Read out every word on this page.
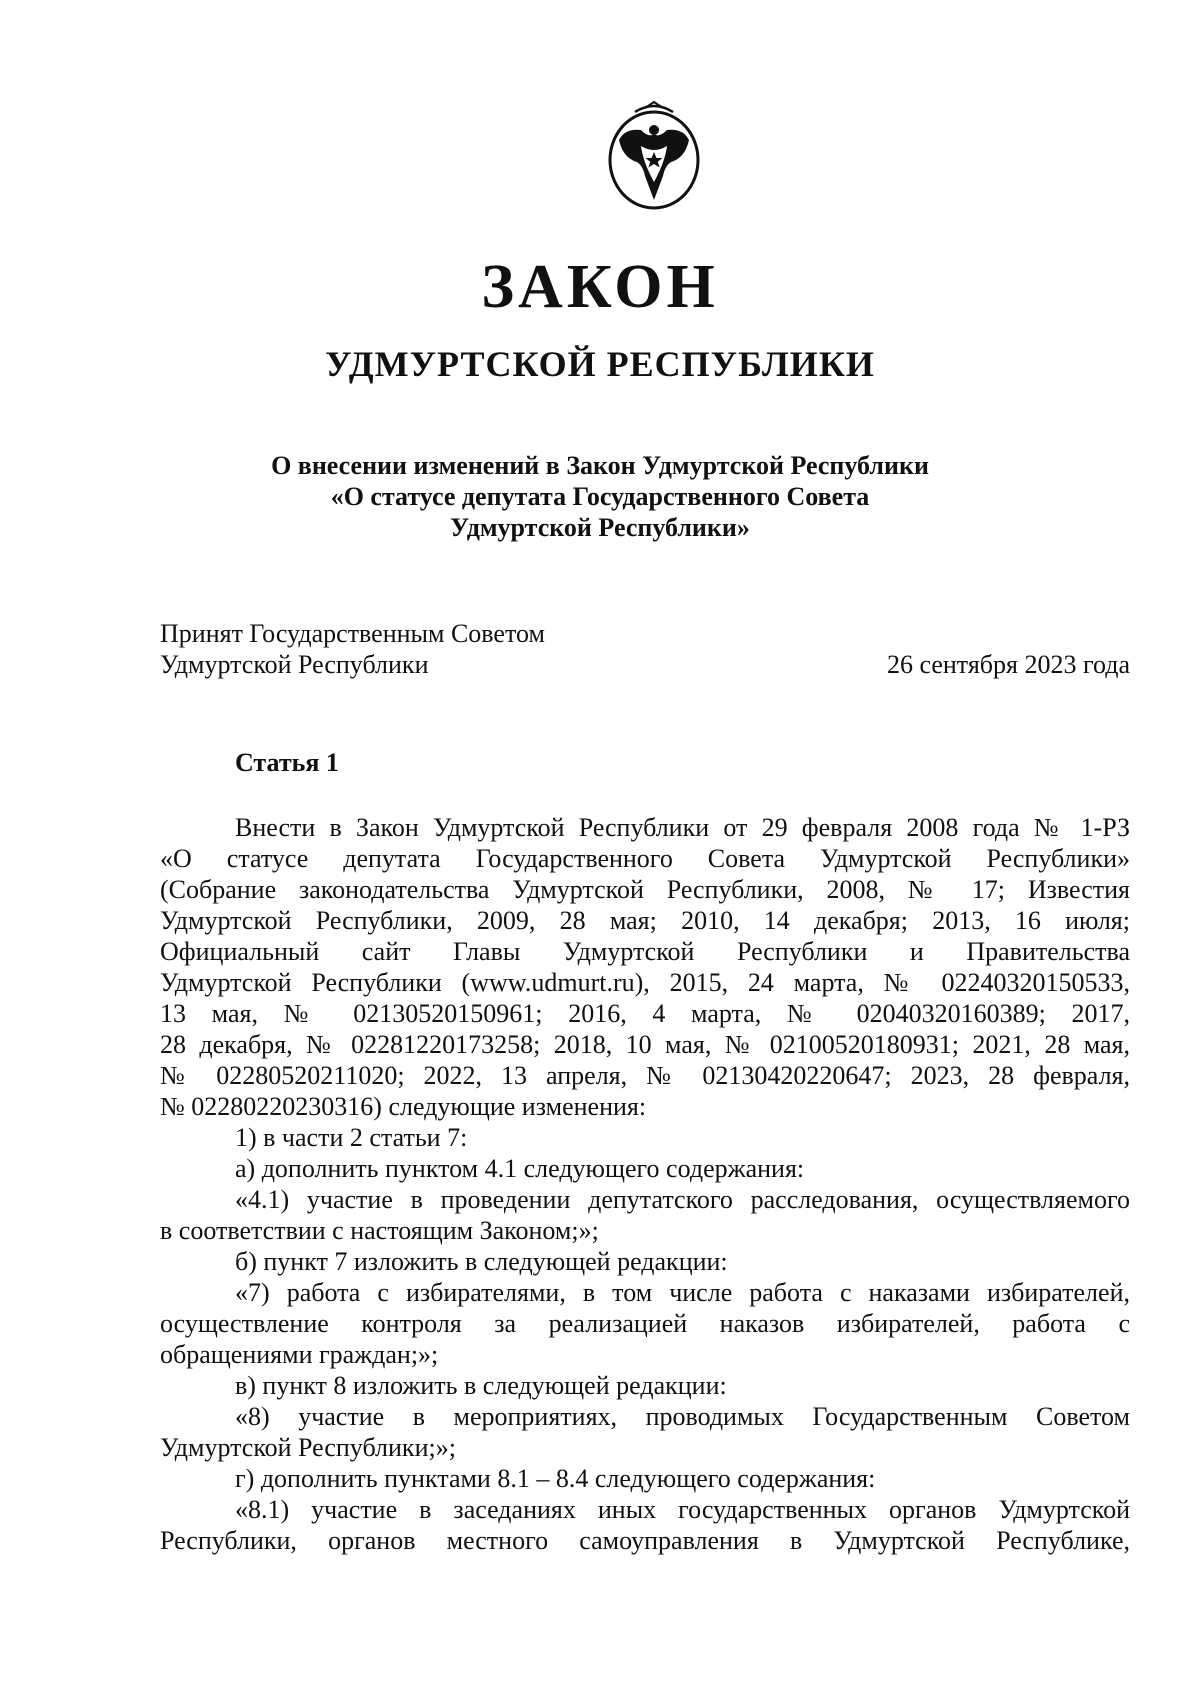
ЗАКОН
УДМУРТСКОЙ РЕСПУБЛИКИ
О внесении изменений в Закон Удмуртской Республики
«О статусе депутата Государственного Совета
Удмуртской Республики»
Принят Государственным Советом
Удмуртской Республики	26 сентября 2023 года
Статья 1
Внести в Закон Удмуртской Республики от 29 февраля 2008 года № 1-РЗ
«О статусе депутата Государственного Совета Удмуртской Республики»
(Собрание законодательства Удмуртской Республики, 2008, № 17; Известия
Удмуртской Республики, 2009, 28 мая; 2010, 14 декабря; 2013, 16 июля;
Официальный сайт Главы Удмуртской Республики и Правительства
Удмуртской Республики (www.udmurt.ru), 2015, 24 марта, № 02240320150533,
13 мая, № 02130520150961; 2016, 4 марта, № 02040320160389; 2017,
28 декабря, № 02281220173258; 2018, 10 мая, № 02100520180931; 2021, 28 мая,
№ 02280520211020; 2022, 13 апреля, № 02130420220647; 2023, 28 февраля,
№ 02280220230316) следующие изменения:
1) в части 2 статьи 7:
а) дополнить пунктом 4.1 следующего содержания:
«4.1) участие в проведении депутатского расследования, осуществляемого
в соответствии с настоящим Законом;»;
б) пункт 7 изложить в следующей редакции:
«7) работа с избирателями, в том числе работа с наказами избирателей,
осуществление контроля за реализацией наказов избирателей, работа с
обращениями граждан;»;
в) пункт 8 изложить в следующей редакции:
«8) участие в мероприятиях, проводимых Государственным Советом
Удмуртской Республики;»;
г) дополнить пунктами 8.1 – 8.4 следующего содержания:
«8.1) участие в заседаниях иных государственных органов Удмуртской
Республики, органов местного самоуправления в Удмуртской Республике,
